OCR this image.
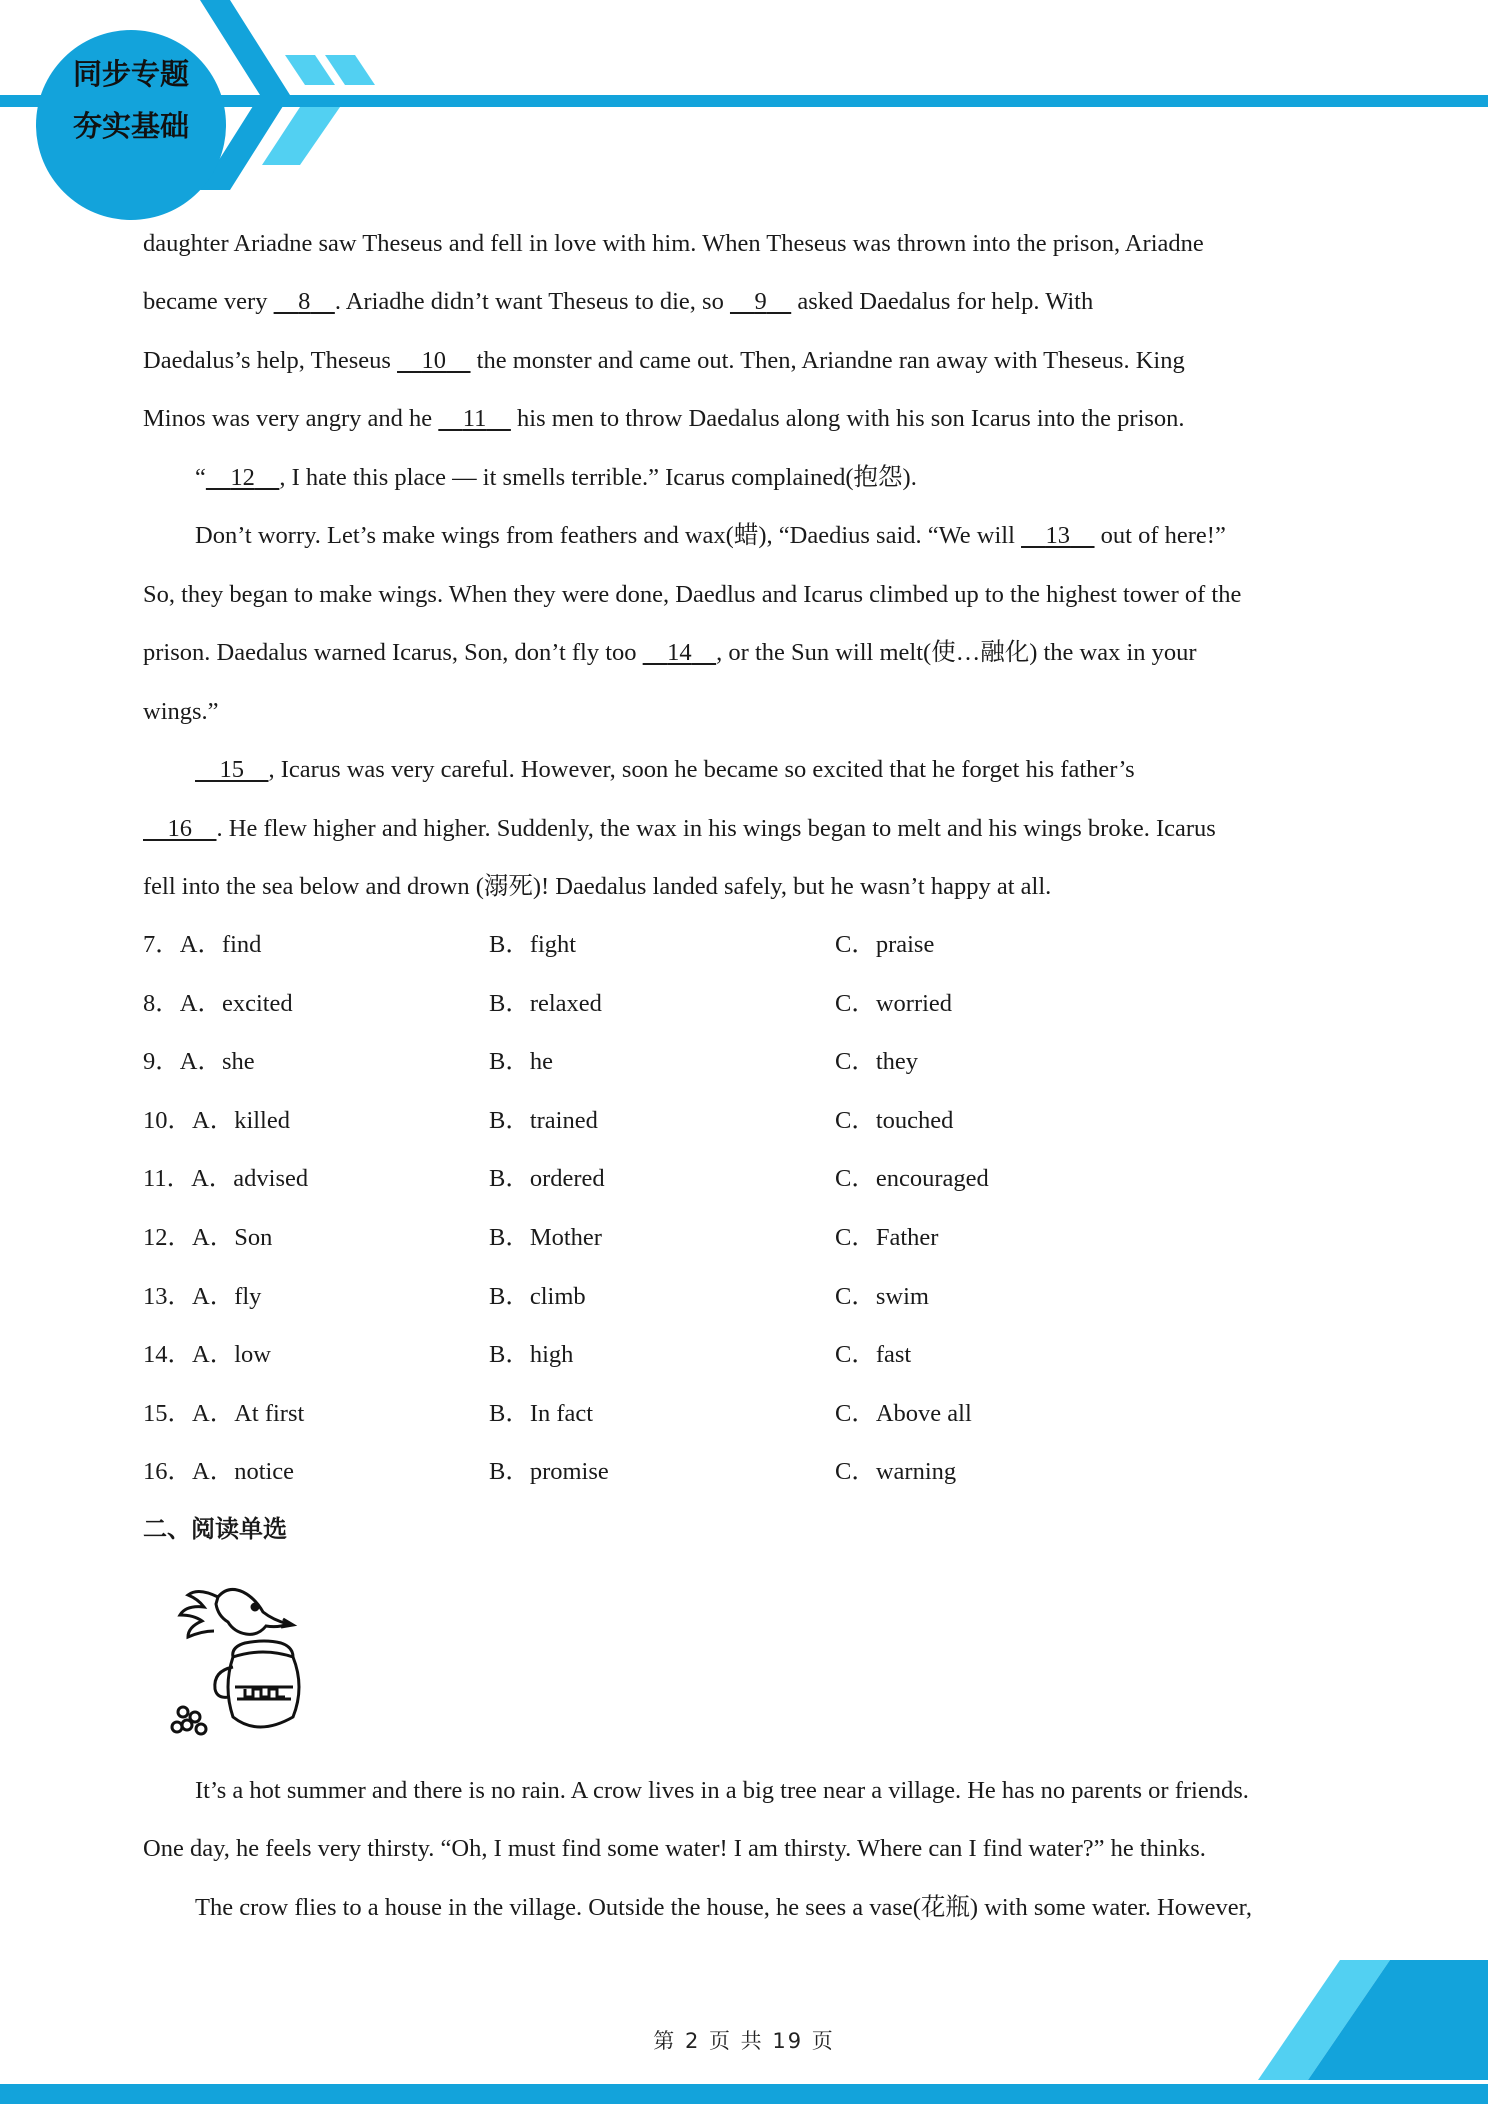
同步专题
夯实基础
daughter Ariadne saw Theseus and fell in love with him. When Theseus was thrown into the prison, Ariadne
became very   8   . Ariadhe didn’t want Theseus to die, so   9   asked Daedalus for help. With
Daedalus’s help, Theseus   10   the monster and came out. Then, Ariandne ran away with Theseus. King
Minos was very angry and he   11   his men to throw Daedalus along with his son Icarus into the prison.
“   12   , I hate this place — it smells terrible.” Icarus complained(抱怨).
Don’t worry. Let’s make wings from feathers and wax(蜡), “Daedius said. “We will   13   out of here!”
So, they began to make wings. When they were done, Daedlus and Icarus climbed up to the highest tower of the
prison. Daedalus warned Icarus, Son, don’t fly too   14   , or the Sun will melt(使…融化) the wax in your
wings.”
  15   , Icarus was very careful. However, soon he became so excited that he forget his father’s
  16   . He flew higher and higher. Suddenly, the wax in his wings began to melt and his wings broke. Icarus
fell into the sea below and drown (溺死)! Daedalus landed safely, but he wasn’t happy at all.
7．A．find	B．fight	C．praise
8．A．excited	B．relaxed	C．worried
9．A．she	B．he	C．they
10．A．killed	B．trained	C．touched
11．A．advised	B．ordered	C．encouraged
12．A．Son	B．Mother	C．Father
13．A．fly	B．climb	C．swim
14．A．low	B．high	C．fast
15．A．At first	B．In fact	C．Above all
16．A．notice	B．promise	C．warning
二、阅读单选
It’s a hot summer and there is no rain. A crow lives in a big tree near a village. He has no parents or friends.
One day, he feels very thirsty. “Oh, I must find some water! I am thirsty. Where can I find water?” he thinks.
The crow flies to a house in the village. Outside the house, he sees a vase(花瓶) with some water. However,
第 2 页 共 19 页
